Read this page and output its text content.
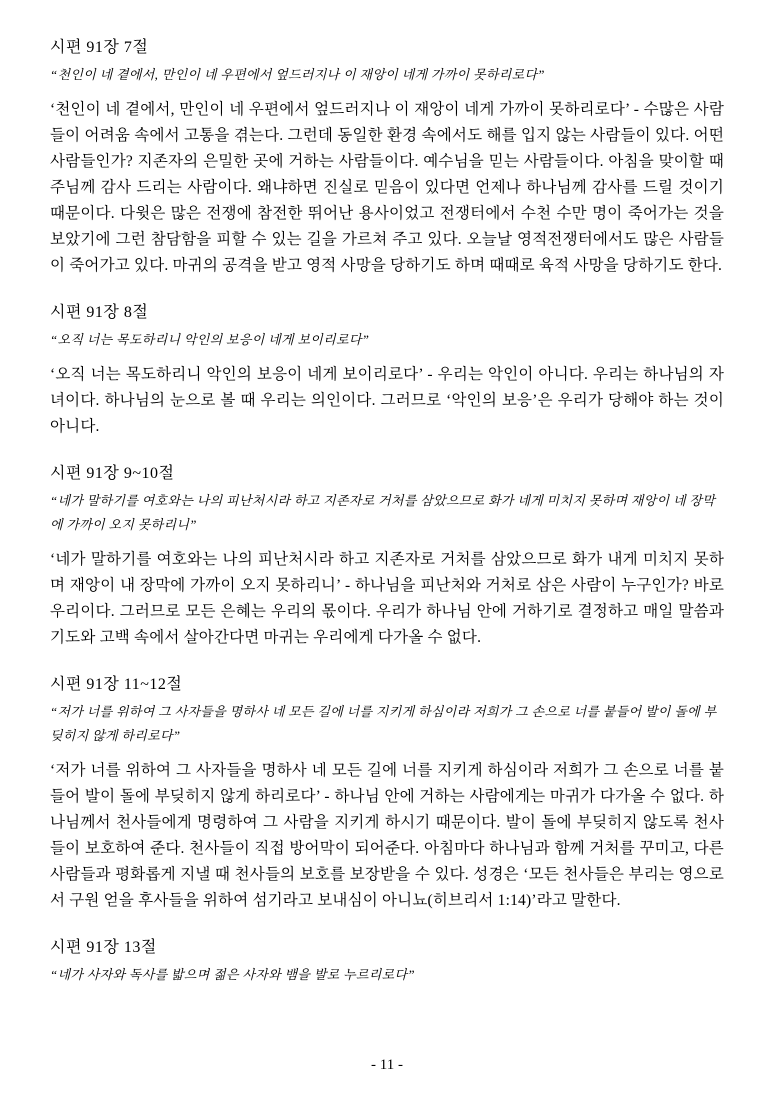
시편 91장 7절

“천인이 네 곁에서, 만인이 네 우편에서 엎드러지나 이 재앙이 네게 가까이 못하리로다”

‘천인이 네 곁에서, 만인이 네 우편에서 엎드러지나 이 재앙이 네게 가까이 못하리로다’ - 수많은 사람들이 어려움 속에서 고통을 겪는다. 그런데 동일한 환경 속에서도 해를 입지 않는 사람들이 있다. 어떤 사람들인가? 지존자의 은밀한 곳에 거하는 사람들이다. 예수님을 믿는 사람들이다. 아침을 맞이할 때 주님께 감사 드리는 사람이다. 왜냐하면 진실로 믿음이 있다면 언제나 하나님께 감사를 드릴 것이기 때문이다. 다윗은 많은 전쟁에 참전한 뛰어난 용사이었고 전쟁터에서 수천 수만 명이 죽어가는 것을 보았기에 그런 참담함을 피할 수 있는 길을 가르쳐 주고 있다. 오늘날 영적전쟁터에서도 많은 사람들이 죽어가고 있다. 마귀의 공격을 받고 영적 사망을 당하기도 하며 때때로 육적 사망을 당하기도 한다.

시편 91장 8절

“오직 너는 목도하리니 악인의 보응이 네게 보이리로다”

‘오직 너는 목도하리니 악인의 보응이 네게 보이리로다’ - 우리는 악인이 아니다. 우리는 하나님의 자녀이다. 하나님의 눈으로 볼 때 우리는 의인이다. 그러므로 ‘악인의 보응’은 우리가 당해야 하는 것이 아니다.

시편 91장 9~10절

“네가 말하기를 여호와는 나의 피난처시라 하고 지존자로 거처를 삼았으므로 화가 네게 미치지 못하며 재앙이 네 장막에 가까이 오지 못하리니”

‘네가 말하기를 여호와는 나의 피난처시라 하고 지존자로 거처를 삼았으므로 화가 내게 미치지 못하며 재앙이 내 장막에 가까이 오지 못하리니’ - 하나님을 피난처와 거처로 삼은 사람이 누구인가? 바로 우리이다. 그러므로 모든 은혜는 우리의 몫이다. 우리가 하나님 안에 거하기로 결정하고 매일 말씀과 기도와 고백 속에서 살아간다면 마귀는 우리에게 다가올 수 없다.

시편 91장 11~12절

“저가 너를 위하여 그 사자들을 명하사 네 모든 길에 너를 지키게 하심이라 저희가 그 손으로 너를 붙들어 발이 돌에 부딪히지 않게 하리로다”

‘저가 너를 위하여 그 사자들을 명하사 네 모든 길에 너를 지키게 하심이라 저희가 그 손으로 너를 붙들어 발이 돌에 부딪히지 않게 하리로다’ - 하나님 안에 거하는 사람에게는 마귀가 다가올 수 없다. 하나님께서 천사들에게 명령하여 그 사람을 지키게 하시기 때문이다. 발이 돌에 부딪히지 않도록 천사들이 보호하여 준다. 천사들이 직접 방어막이 되어준다. 아침마다 하나님과 함께 거처를 꾸미고, 다른 사람들과 평화롭게 지낼 때 천사들의 보호를 보장받을 수 있다. 성경은 ‘모든 천사들은 부리는 영으로서 구원 얻을 후사들을 위하여 섬기라고 보내심이 아니뇨(히브리서 1:14)’라고 말한다.

시편 91장 13절

“네가 사자와 독사를 밟으며 젊은 사자와 뱀을 발로 누르리로다”

- 11 -
